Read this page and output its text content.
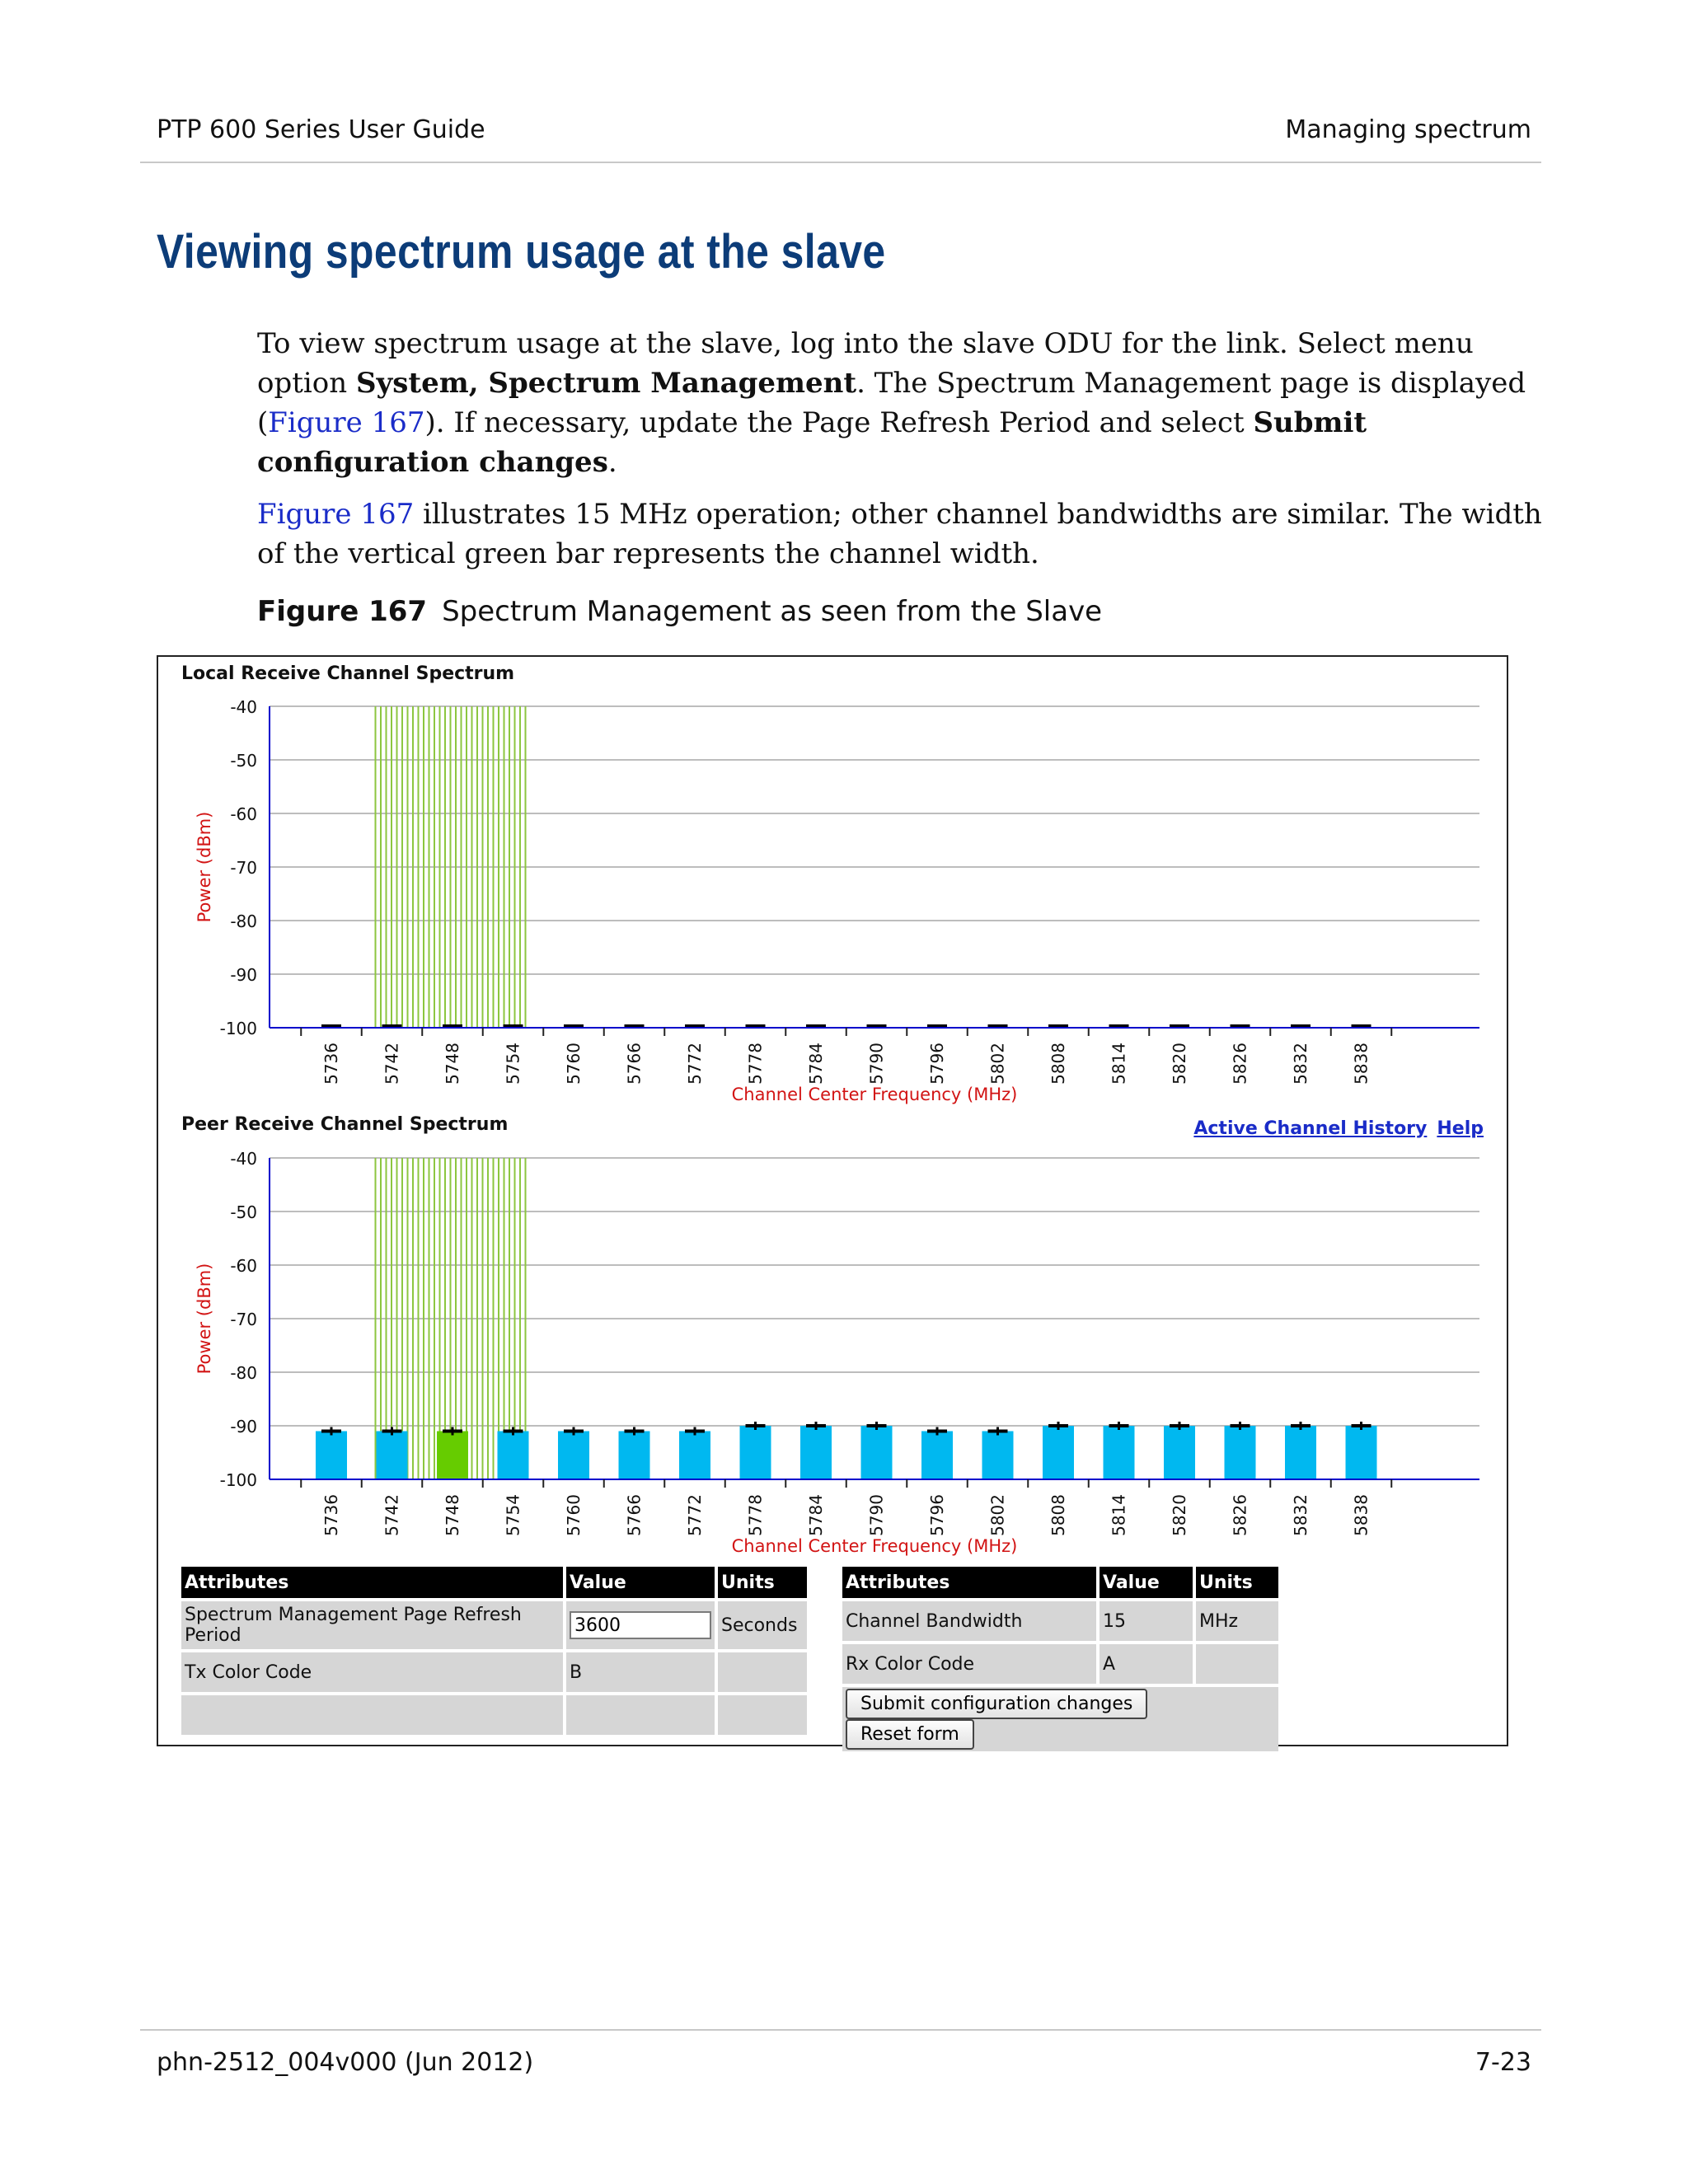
PTP 600 Series User Guide	Managing spectrum
Viewing spectrum usage at the slave

To view spectrum usage at the slave, log into the slave ODU for the link. Select menu option System, Spectrum Management. The Spectrum Management page is displayed (Figure 167). If necessary, update the Page Refresh Period and select Submit configuration changes.

Figure 167 illustrates 15 MHz operation; other channel bandwidths are similar. The width of the vertical green bar represents the channel width.

Figure 167 Spectrum Management as seen from the Slave
Local Receive Channel Spectrum
-40
-50
-60
-70
-80
-90
-100
5736 5742 5748 5754 5760 5766 5772 5778 5784 5790 5796 5802 5808 5814 5820 5826 5832 5838
Channel Center Frequency (MHz)
Power (dBm)
Peer Receive Channel Spectrum	Active Channel History Help
-40
-50
-60
-70
-80
-90
-100
5736 5742 5748 5754 5760 5766 5772 5778 5784 5790 5796 5802 5808 5814 5820 5826 5832 5838
Channel Center Frequency (MHz)
Power (dBm)
Attributes	Value	Units
Spectrum Management Page Refresh Period	3600	Seconds
Tx Color Code	B	

Attributes	Value	Units
Channel Bandwidth	15	MHz
Rx Color Code	A	
Submit configuration changesReset form		
phn-2512_004v000 (Jun 2012)	7-23
